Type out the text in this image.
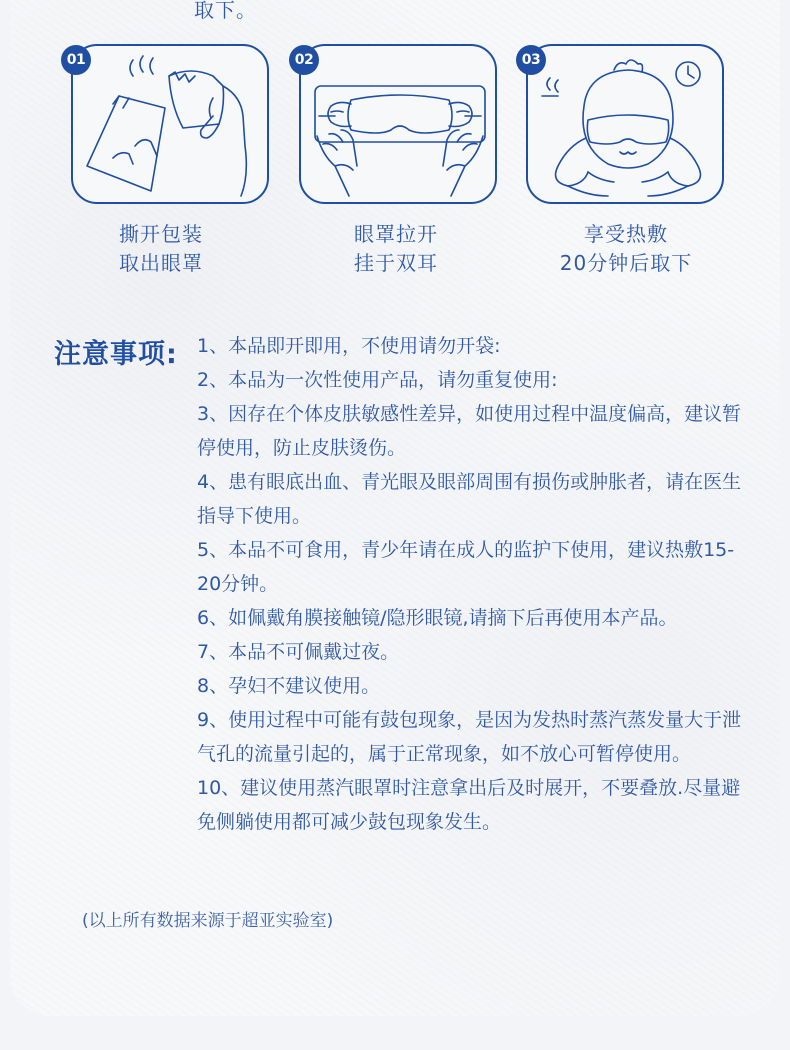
取下。
01
撕开包装
取出眼罩
02
眼罩拉开
挂于双耳
03
享受热敷
20分钟后取下
注意事项: 1、本品即开即用，不使用请勿开袋:
2、本品为一次性使用产品，请勿重复使用:
3、因存在个体皮肤敏感性差异，如使用过程中温度偏高，建议暂停使用，防止皮肤烫伤。
4、患有眼底出血、青光眼及眼部周围有损伤或肿胀者，请在医生指导下使用。
5、本品不可食用，青少年请在成人的监护下使用，建议热敷15-20分钟。
6、如佩戴角膜接触镜/隐形眼镜,请摘下后再使用本产品。
7、本品不可佩戴过夜。
8、孕妇不建议使用。
9、使用过程中可能有鼓包现象，是因为发热时蒸汽蒸发量大于泄气孔的流量引起的，属于正常现象，如不放心可暂停使用。
10、建议使用蒸汽眼罩时注意拿出后及时展开，不要叠放.尽量避免侧躺使用都可减少鼓包现象发生。
(以上所有数据来源于超亚实验室)
